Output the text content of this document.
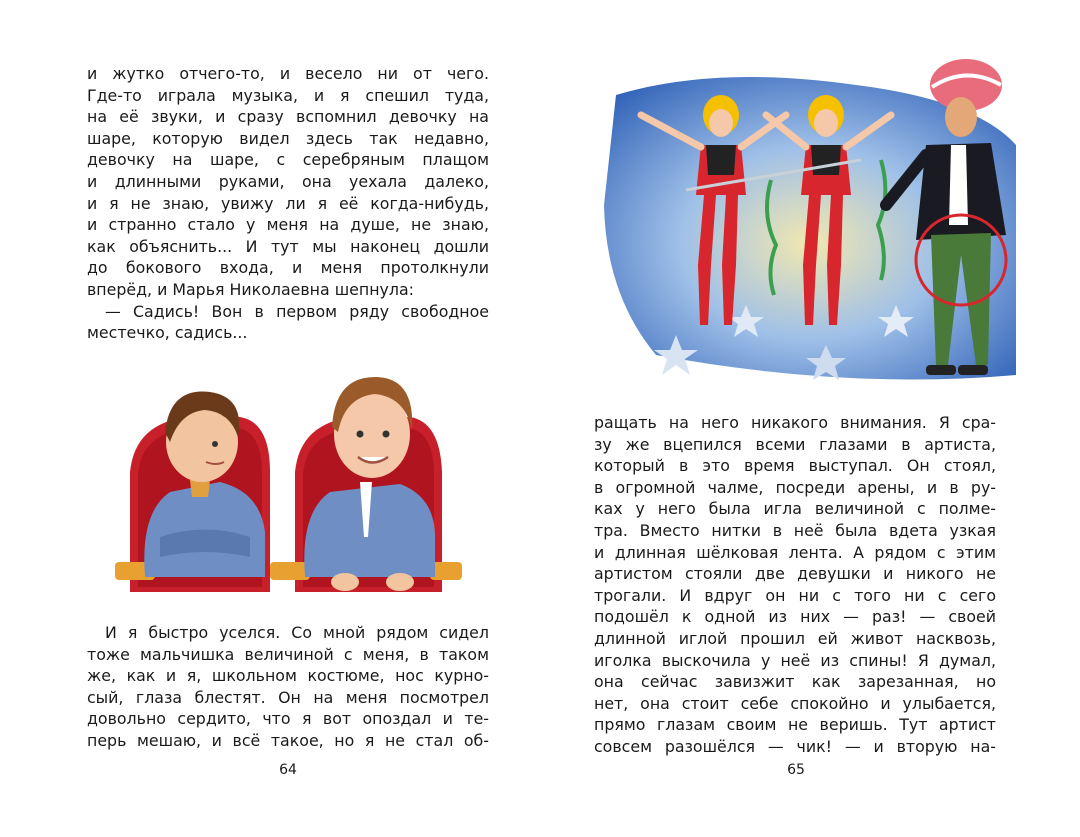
и жутко отчего-то, и весело ни от чего.
Где-то играла музыка, и я спешил туда,
на её звуки, и сразу вспомнил девочку на
шаре, которую видел здесь так недавно,
девочку на шаре, с серебряным плащом
и длинными руками, она уехала далеко,
и я не знаю, увижу ли я её когда-нибудь,
и странно стало у меня на душе, не знаю,
как объяснить... И тут мы наконец дошли
до бокового входа, и меня протолкнули
вперёд, и Марья Николаевна шепнула:
— Садись! Вон в первом ряду свободное
местечко, садись...
И я быстро уселся. Со мной рядом сидел
тоже мальчишка величиной с меня, в таком
же, как и я, школьном костюме, нос курно-
сый, глаза блестят. Он на меня посмотрел
довольно сердито, что я вот опоздал и те-
перь мешаю, и всё такое, но я не стал об-
64
ращать на него никакого внимания. Я сра-
зу же вцепился всеми глазами в артиста,
который в это время выступал. Он стоял,
в огромной чалме, посреди арены, и в ру-
ках у него была игла величиной с полме-
тра. Вместо нитки в неё была вдета узкая
и длинная шёлковая лента. А рядом с этим
артистом стояли две девушки и никого не
трогали. И вдруг он ни с того ни с сего
подошёл к одной из них — раз! — своей
длинной иглой прошил ей живот насквозь,
иголка выскочила у неё из спины! Я думал,
она сейчас завизжит как зарезанная, но
нет, она стоит себе спокойно и улыбается,
прямо глазам своим не веришь. Тут артист
совсем разошёлся — чик! — и вторую на-
65
